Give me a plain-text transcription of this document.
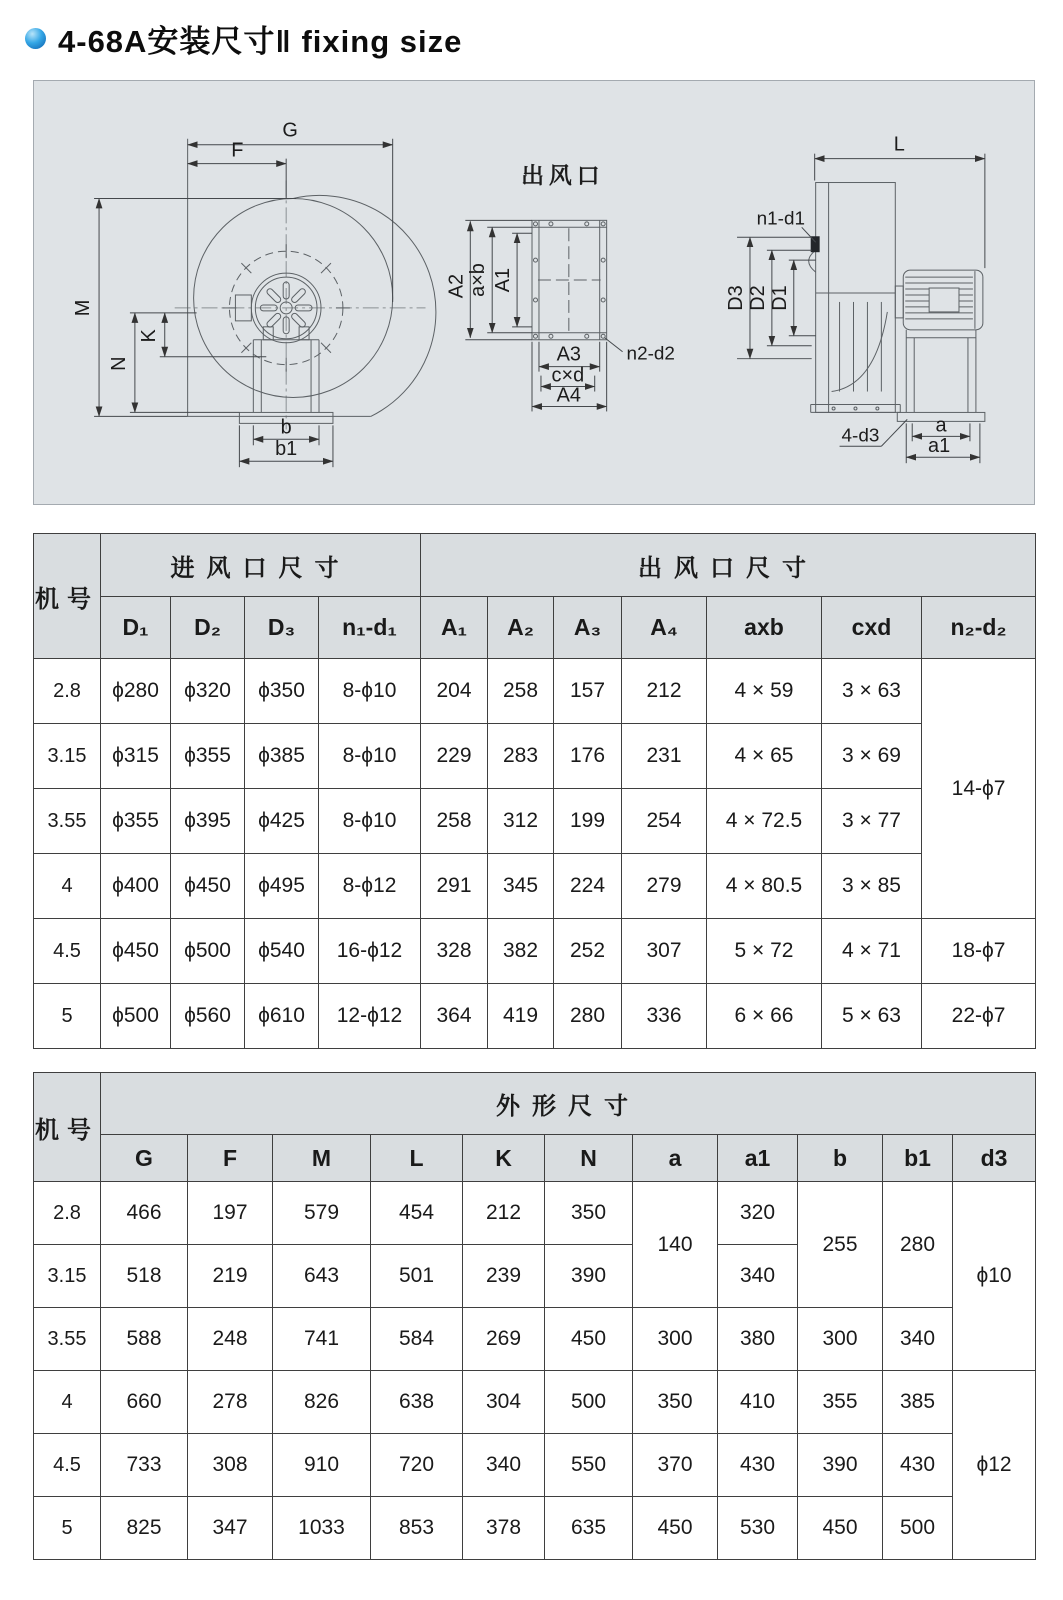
4-68A安装尺寸‖ fixing size
G
F
M
N
K
b
b1
出风口
A2 a×b A1
A3
c×d
A4
n2-d2
L
n1-d1
D1
D2
D3
4-d3	a
a1
机号	进风口尺寸				出风口尺寸						
	D₁	D₂	D₃	n₁-d₁	A₁	A₂	A₃	A₄	axb	cxd	n₂-d₂
2.8	ϕ280	ϕ320	ϕ350	8-ϕ10	204	258	157	212	4 × 59	3 × 63	14-ϕ7
3.15	ϕ315	ϕ355	ϕ385	8-ϕ10	229	283	176	231	4 × 65	3 × 69	
3.55	ϕ355	ϕ395	ϕ425	8-ϕ10	258	312	199	254	4 × 72.5	3 × 77	
4	ϕ400	ϕ450	ϕ495	8-ϕ12	291	345	224	279	4 × 80.5	3 × 85	
4.5	ϕ450	ϕ500	ϕ540	16-ϕ12	328	382	252	307	5 × 72	4 × 71	18-ϕ7
5	ϕ500	ϕ560	ϕ610	12-ϕ12	364	419	280	336	6 × 66	5 × 63	22-ϕ7
机号	外形尺寸										
	G	F	M	L	K	N	a	a1	b	b1	d3
2.8	466	197	579	454	212	350	140	320	255	280	ϕ10
3.15	518	219	643	501	239	390		340			
3.55	588	248	741	584	269	450	300	380	300	340	
4	660	278	826	638	304	500	350	410	355	385	ϕ12
4.5	733	308	910	720	340	550	370	430	390	430	
5	825	347	1033	853	378	635	450	530	450	500	
